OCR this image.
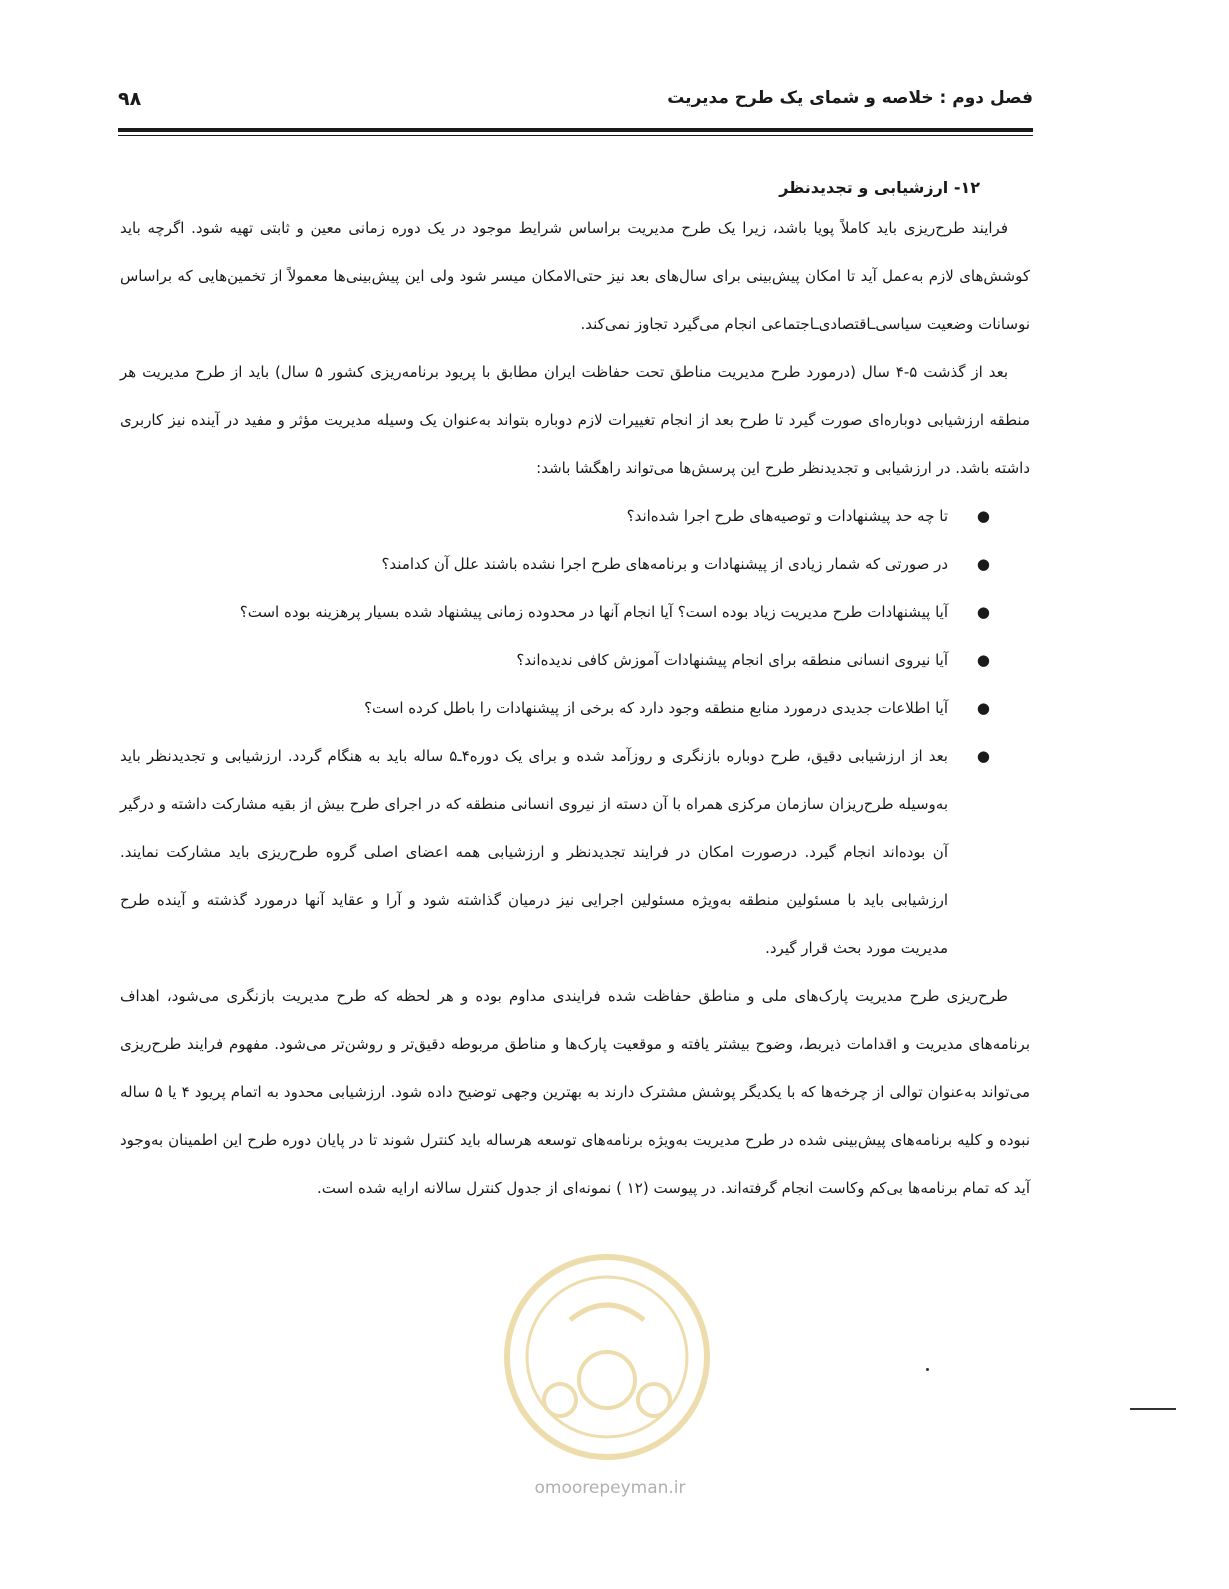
فصل دوم : خلاصه و شمای یک طرح مدیریت
۹۸
۱۲- ارزشیابی و تجدیدنظر

فرایند طرح‌ریزی باید کاملاً پویا باشد، زیرا یک طرح مدیریت براساس شرایط موجود در یک دوره زمانی معین و ثابتی تهیه شود. اگرچه باید کوشش‌های لازم به‌عمل آید تا امکان پیش‌بینی برای سال‌های بعد نیز حتی‌الامکان میسر شود ولی این پیش‌بینی‌ها معمولاً از تخمین‌هایی که براساس نوسانات وضعیت سیاسی‌ـاقتصادی‌ـاجتماعی انجام می‌گیرد تجاوز نمی‌کند.

بعد از گذشت ۵-۴ سال (درمورد طرح مدیریت مناطق تحت حفاظت ایران مطابق با پریود برنامه‌ریزی کشور ۵ سال) باید از طرح مدیریت هر منطقه ارزشیابی دوباره‌ای صورت گیرد تا طرح بعد از انجام تغییرات لازم دوباره بتواند به‌عنوان یک وسیله مدیریت مؤثر و مفید در آینده نیز کاربری داشته باشد. در ارزشیابی و تجدیدنظر طرح این پرسش‌ها می‌تواند راهگشا باشد:

●
تا چه حد پیشنهادات و توصیه‌های طرح اجرا شده‌اند؟
●
در صورتی که شمار زیادی از پیشنهادات و برنامه‌های طرح اجرا نشده باشند علل آن کدامند؟
●
آیا پیشنهادات طرح مدیریت زیاد بوده است؟ آیا انجام آنها در محدوده زمانی پیشنهاد شده بسیار پرهزینه بوده است؟
●
آیا نیروی انسانی منطقه برای انجام پیشنهادات آموزش کافی ندیده‌اند؟
●
آیا اطلاعات جدیدی درمورد منابع منطقه وجود دارد که برخی از پیشنهادات را باطل کرده است؟
●
بعد از ارزشیابی دقیق، طرح دوباره بازنگری و روزآمد شده و برای یک دوره۴ـ۵ ساله باید به هنگام گردد. ارزشیابی و تجدیدنظر باید به‌وسیله طرح‌ریزان سازمان مرکزی همراه با آن دسته از نیروی انسانی منطقه که در اجرای طرح بیش از بقیه مشارکت داشته و درگیر آن بوده‌اند انجام گیرد. درصورت امکان در فرایند تجدیدنظر و ارزشیابی همه اعضای اصلی گروه طرح‌ریزی باید مشارکت نمایند. ارزشیابی باید با مسئولین منطقه به‌ویژه مسئولین اجرایی نیز درمیان گذاشته شود و آرا و عقاید آنها درمورد گذشته و آینده طرح مدیریت مورد بحث قرار گیرد.

طرح‌ریزی طرح مدیریت پارک‌های ملی و مناطق حفاظت شده فرایندی مداوم بوده و هر لحظه که طرح مدیریت بازنگری می‌شود، اهداف برنامه‌های مدیریت و اقدامات ذیربط، وضوح بیشتر یافته و موقعیت پارک‌ها و مناطق مربوطه دقیق‌تر و روشن‌تر می‌شود. مفهوم فرایند طرح‌ریزی می‌تواند به‌عنوان توالی از چرخه‌ها که با یکدیگر پوشش مشترک دارند به بهترین وجهی توضیح داده شود. ارزشیابی محدود به اتمام پریود ۴ یا ۵ ساله نبوده و کلیه برنامه‌های پیش‌بینی شده در طرح مدیریت به‌ویژه برنامه‌های توسعه هرساله باید کنترل شوند تا در پایان دوره طرح این اطمینان به‌وجود آید که تمام برنامه‌ها بی‌کم وکاست انجام گرفته‌اند. در پیوست (۱۲ ) نمونه‌ای از جدول کنترل سالانه ارایه شده است.

omoorepeyman.ir
